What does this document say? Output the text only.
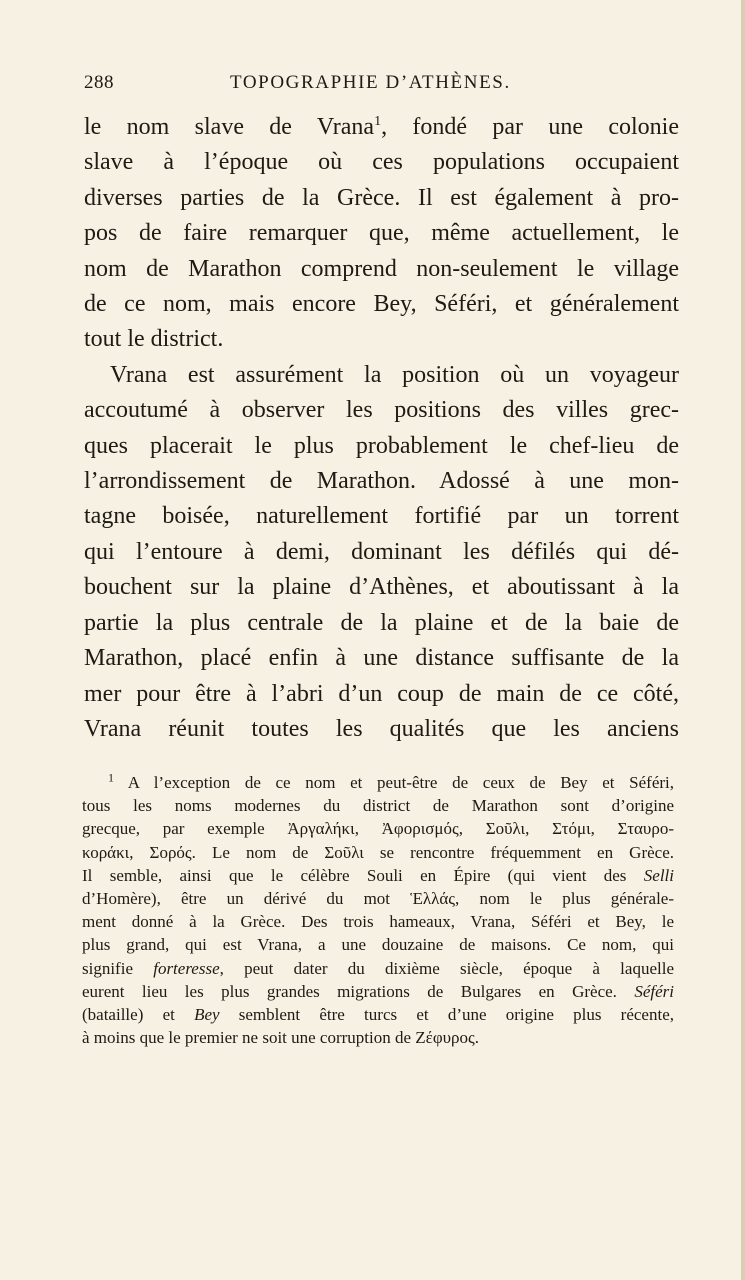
288	TOPOGRAPHIE D’ATHÈNES.
le nom slave de Vrana$^1$, fondé par une colonie
slave à l’époque où ces populations occupaient
diverses parties de la Grèce. Il est également à pro-
pos de faire remarquer que, même actuellement, le
nom de Marathon comprend non-seulement le village
de ce nom, mais encore Bey, Séféri, et généralement
tout le district.
Vrana est assurément la position où un voyageur
accoutumé à observer les positions des villes grec-
ques placerait le plus probablement le chef-lieu de
l’arrondissement de Marathon. Adossé à une mon-
tagne boisée, naturellement fortifié par un torrent
qui l’entoure à demi, dominant les défilés qui dé-
bouchent sur la plaine d’Athènes, et aboutissant à la
partie la plus centrale de la plaine et de la baie de
Marathon, placé enfin à une distance suffisante de la
mer pour être à l’abri d’un coup de main de ce côté,
Vrana réunit toutes les qualités que les anciens
$^1$ A l’exception de ce nom et peut-être de ceux de Bey et Séféri,
tous les noms modernes du district de Marathon sont d’origine
grecque, par exemple Ἀργαλήκι, Ἀφορισμός, Σοῦλι, Στόμι, Σταυρο-
κοράκι, Σορός. Le nom de Σοῦλι se rencontre fréquemment en Grèce.
Il semble, ainsi que le célèbre Souli en Épire (qui vient des Selli
d’Homère), être un dérivé du mot Ἑλλάς, nom le plus générale-
ment donné à la Grèce. Des trois hameaux, Vrana, Séféri et Bey, le
plus grand, qui est Vrana, a une douzaine de maisons. Ce nom, qui
signifie forteresse, peut dater du dixième siècle, époque à laquelle
eurent lieu les plus grandes migrations de Bulgares en Grèce. Séféri
(bataille) et Bey semblent être turcs et d’une origine plus récente,
à moins que le premier ne soit une corruption de Ζέφυρος.
